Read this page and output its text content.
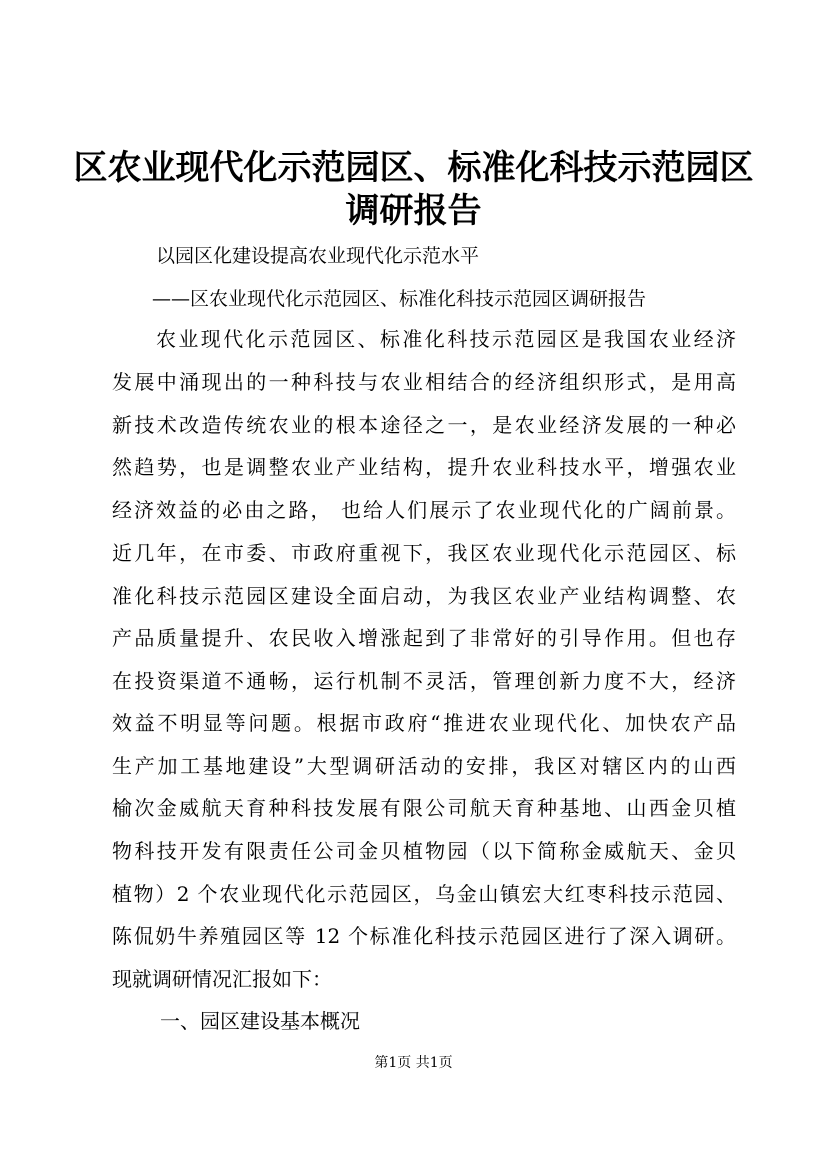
区农业现代化示范园区、标准化科技示范园区
调研报告

以园区化建设提高农业现代化示范水平

——区农业现代化示范园区、标准化科技示范园区调研报告

农业现代化示范园区、标准化科技示范园区是我国农业经济

发展中涌现出的一种科技与农业相结合的经济组织形式，是用高

新技术改造传统农业的根本途径之一，是农业经济发展的一种必

然趋势，也是调整农业产业结构，提升农业科技水平，增强农业

经济效益的必由之路， 也给人们展示了农业现代化的广阔前景。

近几年，在市委、市政府重视下，我区农业现代化示范园区、标

准化科技示范园区建设全面启动，为我区农业产业结构调整、农

产品质量提升、农民收入增涨起到了非常好的引导作用。但也存

在投资渠道不通畅，运行机制不灵活，管理创新力度不大，经济

效益不明显等问题。根据市政府“推进农业现代化、加快农产品

生产加工基地建设”大型调研活动的安排，我区对辖区内的山西

榆次金威航天育种科技发展有限公司航天育种基地、山西金贝植

物科技开发有限责任公司金贝植物园（以下简称金威航天、金贝

植物）2 个农业现代化示范园区，乌金山镇宏大红枣科技示范园、

陈侃奶牛养殖园区等 12 个标准化科技示范园区进行了深入调研。

现就调研情况汇报如下：

一、园区建设基本概况

第1页 共1页
